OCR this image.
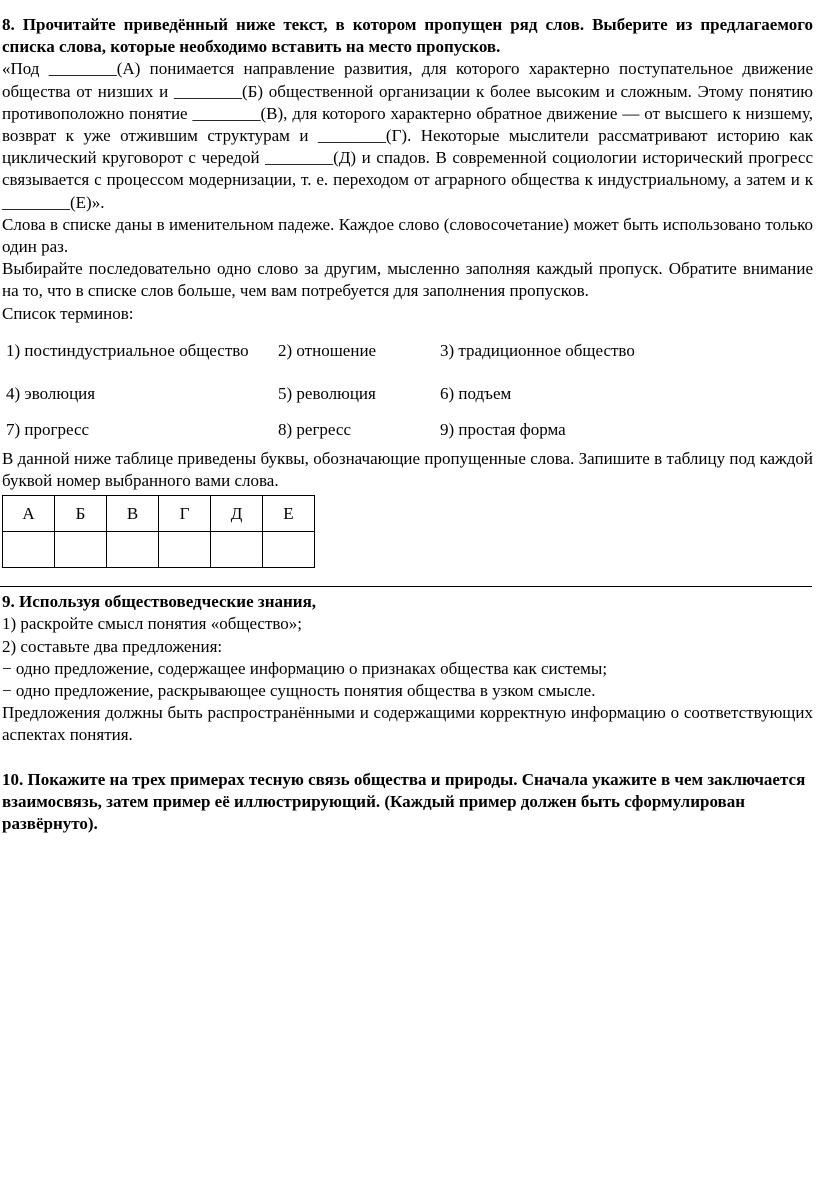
8. Прочитайте приведённый ниже текст, в котором пропущен ряд слов. Выберите из предлагаемого списка слова, которые необходимо вставить на место пропусков.

«Под ________(А) понимается направление развития, для которого характерно поступательное движение общества от низших и ________(Б) общественной организации к более высоким и сложным. Этому понятию противоположно понятие ________(В), для которого характерно обратное движение — от высшего к низшему, возврат к уже отжившим структурам и ________(Г). Некоторые мыслители рассматривают историю как циклический круговорот с чередой ________(Д) и спадов. В современной социологии исторический прогресс связывается с процессом модернизации, т. е. переходом от аграрного общества к индустриальному, а затем и к ________(Е)».

Слова в списке даны в именительном падеже. Каждое слово (словосочетание) может быть использовано только один раз.

Выбирайте последовательно одно слово за другим, мысленно заполняя каждый пропуск. Обратите внимание на то, что в списке слов больше, чем вам потребуется для заполнения пропусков.

Список терминов:

1) постиндустриальное общество	2) отношение	3) традиционное общество
4) эволюция	5) революция	6) подъем
7) прогресс	8) регресс	9) простая форма

В данной ниже таблице приведены буквы, обозначающие пропущенные слова. Запишите в таблицу под каждой буквой номер выбранного вами слова.

А	Б	В	Г	Д	Е

9. Используя обществоведческие знания,

1) раскройте смысл понятия «общество»;

2) составьте два предложения:

− одно предложение, содержащее информацию о признаках общества как системы;

− одно предложение, раскрывающее сущность понятия общества в узком смысле.

Предложения должны быть распространёнными и содержащими корректную информацию о соответствующих аспектах понятия.

10. Покажите на трех примерах тесную связь общества и природы. Сначала укажите в чем заключается взаимосвязь, затем пример её иллюстрирующий. (Каждый пример должен быть сформулирован развёрнуто).
